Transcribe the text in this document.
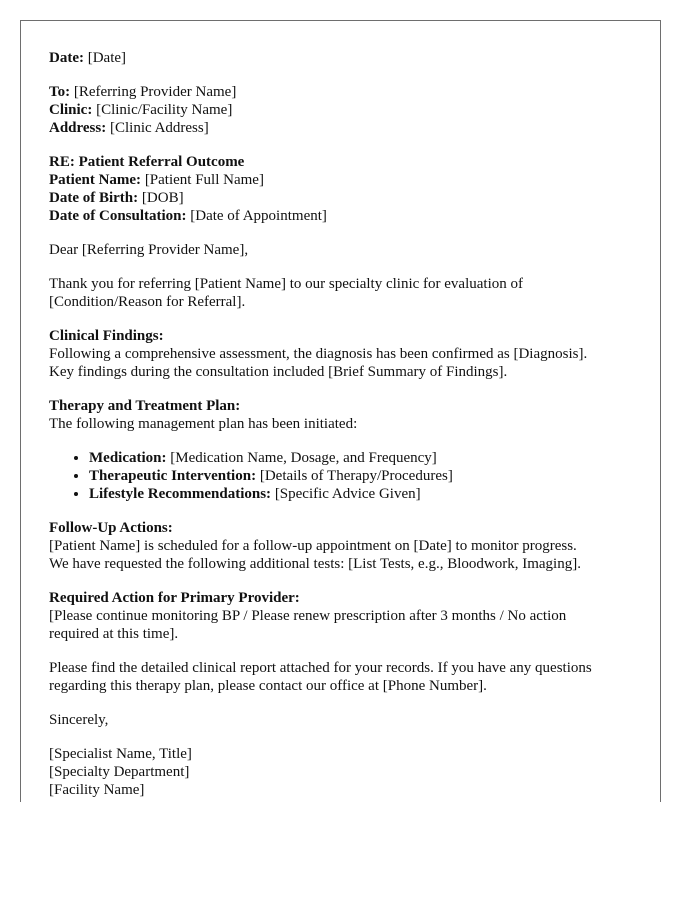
Date: [Date]
To: [Referring Provider Name]
Clinic: [Clinic/Facility Name]
Address: [Clinic Address]
RE: Patient Referral Outcome
Patient Name: [Patient Full Name]
Date of Birth: [DOB]
Date of Consultation: [Date of Appointment]
Dear [Referring Provider Name],
Thank you for referring [Patient Name] to our specialty clinic for evaluation of
[Condition/Reason for Referral].
Clinical Findings:
Following a comprehensive assessment, the diagnosis has been confirmed as [Diagnosis].
Key findings during the consultation included [Brief Summary of Findings].
Therapy and Treatment Plan:
The following management plan has been initiated:
• Medication: [Medication Name, Dosage, and Frequency]
• Therapeutic Intervention: [Details of Therapy/Procedures]
• Lifestyle Recommendations: [Specific Advice Given]
Follow-Up Actions:
[Patient Name] is scheduled for a follow-up appointment on [Date] to monitor progress.
We have requested the following additional tests: [List Tests, e.g., Bloodwork, Imaging].
Required Action for Primary Provider:
[Please continue monitoring BP / Please renew prescription after 3 months / No action
required at this time].
Please find the detailed clinical report attached for your records. If you have any questions
regarding this therapy plan, please contact our office at [Phone Number].
Sincerely,
[Specialist Name, Title]
[Specialty Department]
[Facility Name]
